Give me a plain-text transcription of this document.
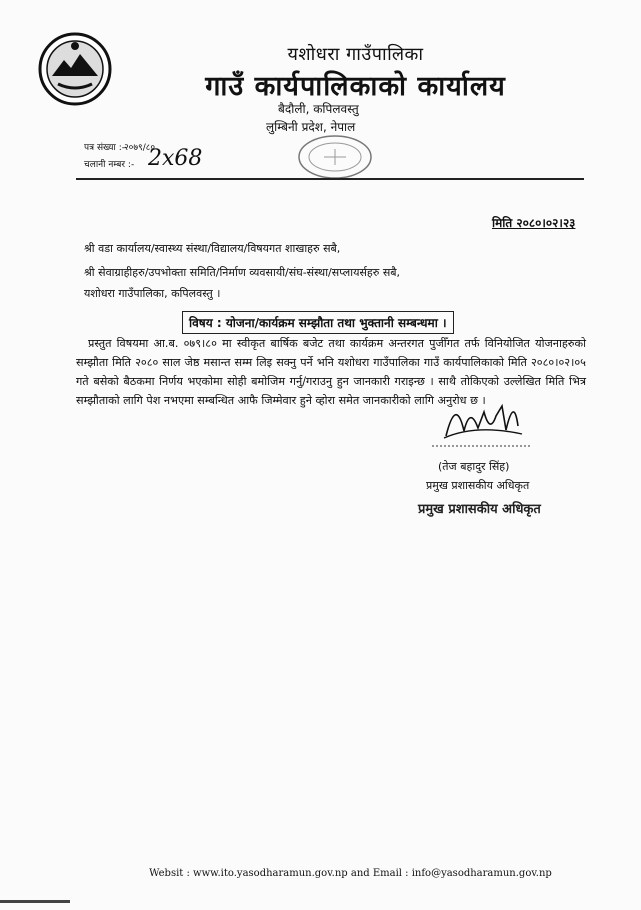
यशोधरा गाउँपालिका
गाउँ कार्यपालिकाको कार्यालय
बैदौली, कपिलवस्तु
लुम्बिनी प्रदेश, नेपाल
पत्र संख्या :- २०७९/८०
चलानी नम्बर :- 2x68
मिति २०८०।०२।२३
श्री वडा कार्यालय/स्वास्थ्य संस्था/विद्यालय/विषयगत शाखाहरु सबै,
श्री सेवाग्राहीहरु/उपभोक्ता समिति/निर्माण व्यवसायी/संघ-संस्था/सप्लायर्सहरु सबै,
यशोधरा गाउँपालिका, कपिलवस्तु ।
विषय : योजना/कार्यक्रम सम्झौता तथा भुक्तानी सम्बन्धमा ।

प्रस्तुत विषयमा आ.ब. ०७९।८० मा स्वीकृत बार्षिक बजेट तथा कार्यक्रम अन्तरगत पुजीँगत तर्फ विनियोजित योजनाहरुको सम्झौता मिति २०८० साल जेष्ठ मसान्त सम्म लिइ सक्नु पर्ने भनि यशोधरा गाउँपालिका गाउँ कार्यपालिकाको मिति २०८०।०२।०५ गते बसेको बैठकमा निर्णय भएकोमा सोही बमोजिम गर्नु/गराउनु हुन जानकारी गराइन्छ । साथै तोकिएको उल्लेखित मिति भित्र सम्झौताको लागि पेश नभएमा सम्बन्धित आफै जिम्मेवार हुने व्होरा समेत जानकारीको लागि अनुरोध छ ।

(तेज बहादुर सिंह)
प्रमुख प्रशासकीय अधिकृत
प्रमुख प्रशासकीय अधिकृत
Websit : www.ito.yasodharamun.gov.np and Email : info@yasodharamun.gov.np
